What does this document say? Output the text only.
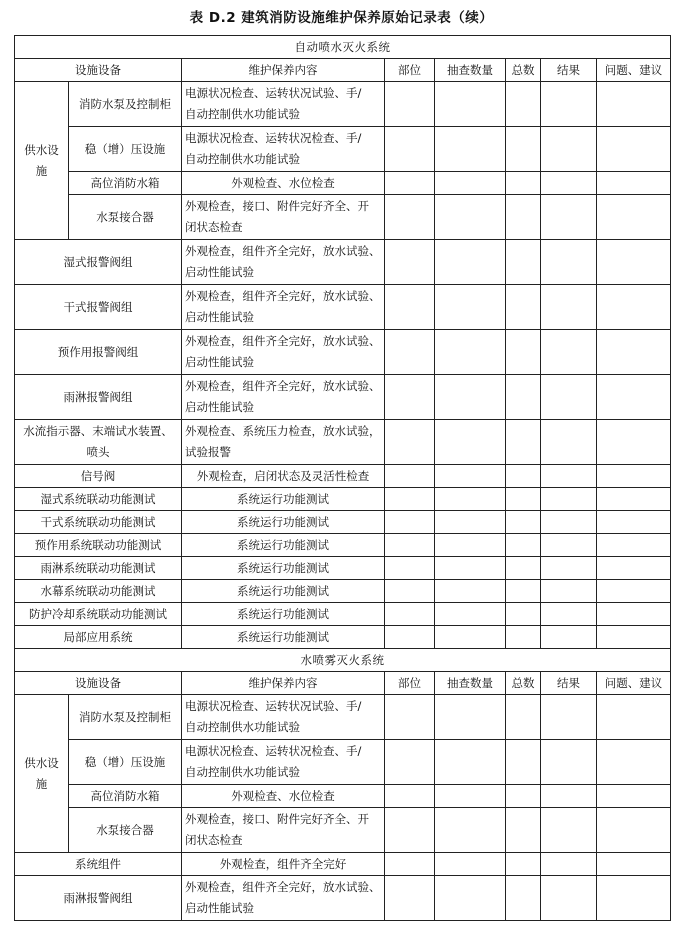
表 D.2 建筑消防设施维护保养原始记录表（续）
自动喷水灭火系统							
设施设备		维护保养内容	部位	抽查数量	总数	结果	问题、建议
供水设
施	消防水泵及控制柜	电源状况检查、运转状况试验、手/
自动控制供水功能试验					
	稳（增）压设施	电源状况检查、运转状况检查、手/
自动控制供水功能试验					
	高位消防水箱	外观检查、水位检查					
	水泵接合器	外观检查，接口、附件完好齐全、开
闭状态检查					
湿式报警阀组		外观检查，组件齐全完好，放水试验、
启动性能试验					
干式报警阀组		外观检查，组件齐全完好，放水试验、
启动性能试验					
预作用报警阀组		外观检查，组件齐全完好，放水试验、
启动性能试验					
雨淋报警阀组		外观检查，组件齐全完好，放水试验、
启动性能试验					
水流指示器、末端试水装置、
喷头		外观检查、系统压力检查，放水试验，
试验报警					
信号阀		外观检查，启闭状态及灵活性检查					
湿式系统联动功能测试		系统运行功能测试					
干式系统联动功能测试		系统运行功能测试					
预作用系统联动功能测试		系统运行功能测试					
雨淋系统联动功能测试		系统运行功能测试					
水幕系统联动功能测试		系统运行功能测试					
防护冷却系统联动功能测试		系统运行功能测试					
局部应用系统		系统运行功能测试					
水喷雾灭火系统							
设施设备		维护保养内容	部位	抽查数量	总数	结果	问题、建议
供水设
施	消防水泵及控制柜	电源状况检查、运转状况试验、手/
自动控制供水功能试验					
	稳（增）压设施	电源状况检查、运转状况检查、手/
自动控制供水功能试验					
	高位消防水箱	外观检查、水位检查					
	水泵接合器	外观检查，接口、附件完好齐全、开
闭状态检查					
系统组件		外观检查，组件齐全完好					
雨淋报警阀组		外观检查，组件齐全完好，放水试验、
启动性能试验					
